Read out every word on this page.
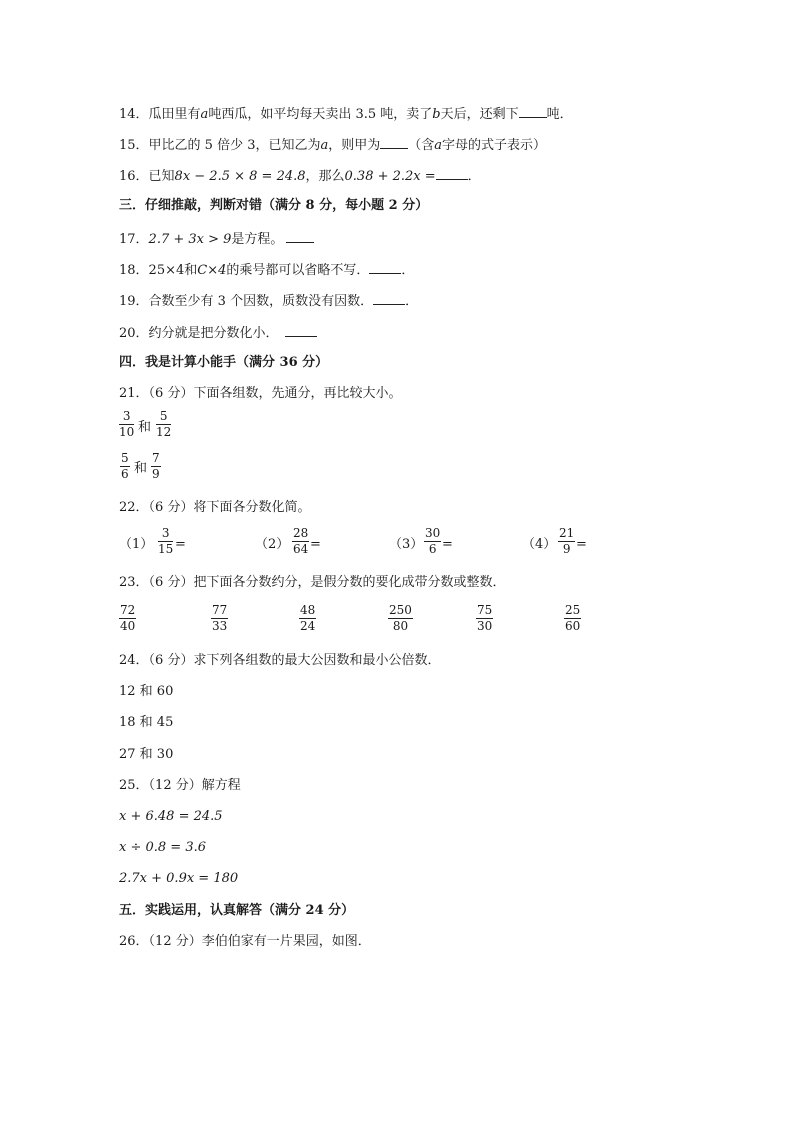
14．瓜田里有a吨西瓜，如平均每天卖出 3.5 吨，卖了b天后，还剩下 吨．
15．甲比乙的 5 倍少 3，已知乙为a，则甲为 （含a字母的式子表示）
16．已知8x − 2.5 × 8 = 24.8，那么0.38 + 2.2x = ．
三．仔细推敲，判断对错（满分 8 分，每小题 2 分）
17．2.7 + 3x > 9是方程。
18．25×4和C×4的乘号都可以省略不写． ．
19．合数至少有 3 个因数，质数没有因数． ．
20．约分就是把分数化小．
四．我是计算小能手（满分 36 分）
21．（6 分）下面各组数，先通分，再比较大小。
3
10 和
5
12
5
6 和
7
9
22．（6 分）将下面各分数化简。
（1）
3
15 =	（2）
28
64 =	（3）
30
6 =	（4）
21
9 =
23．（6 分）把下面各分数约分，是假分数的要化成带分数或整数．
72
40
77
33
48
24
250
80
75
30
25
60
24．（6 分）求下列各组数的最大公因数和最小公倍数．
12 和 60
18 和 45
27 和 30
25．（12 分）解方程
x + 6.48 = 24.5
x ÷ 0.8 = 3.6
2.7x + 0.9x = 180
五．实践运用，认真解答（满分 24 分）
26．（12 分）李伯伯家有一片果园，如图．
